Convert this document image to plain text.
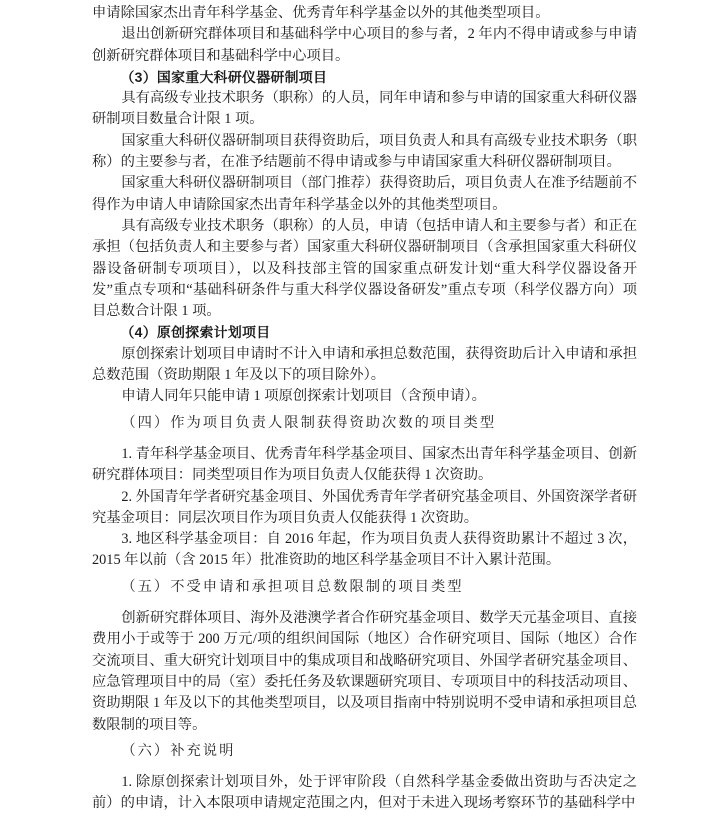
申请除国家杰出青年科学基金、优秀青年科学基金以外的其他类型项目。

退出创新研究群体项目和基础科学中心项目的参与者，2 年内不得申请或参与申请创新研究群体项目和基础科学中心项目。

（3）国家重大科研仪器研制项目

具有高级专业技术职务（职称）的人员，同年申请和参与申请的国家重大科研仪器研制项目数量合计限 1 项。

国家重大科研仪器研制项目获得资助后，项目负责人和具有高级专业技术职务（职称）的主要参与者，在准予结题前不得申请或参与申请国家重大科研仪器研制项目。

国家重大科研仪器研制项目（部门推荐）获得资助后，项目负责人在准予结题前不得作为申请人申请除国家杰出青年科学基金以外的其他类型项目。

具有高级专业技术职务（职称）的人员，申请（包括申请人和主要参与者）和正在承担（包括负责人和主要参与者）国家重大科研仪器研制项目（含承担国家重大科研仪器设备研制专项项目），以及科技部主管的国家重点研发计划“重大科学仪器设备开发”重点专项和“基础科研条件与重大科学仪器设备研发”重点专项（科学仪器方向）项目总数合计限 1 项。

（4）原创探索计划项目

原创探索计划项目申请时不计入申请和承担总数范围，获得资助后计入申请和承担总数范围（资助期限 1 年及以下的项目除外）。

申请人同年只能申请 1 项原创探索计划项目（含预申请）。

（四）作为项目负责人限制获得资助次数的项目类型

1. 青年科学基金项目、优秀青年科学基金项目、国家杰出青年科学基金项目、创新研究群体项目：同类型项目作为项目负责人仅能获得 1 次资助。

2. 外国青年学者研究基金项目、外国优秀青年学者研究基金项目、外国资深学者研究基金项目：同层次项目作为项目负责人仅能获得 1 次资助。

3. 地区科学基金项目：自 2016 年起，作为项目负责人获得资助累计不超过 3 次，2015 年以前（含 2015 年）批准资助的地区科学基金项目不计入累计范围。

（五）不受申请和承担项目总数限制的项目类型

创新研究群体项目、海外及港澳学者合作研究基金项目、数学天元基金项目、直接费用小于或等于 200 万元/项的组织间国际（地区）合作研究项目、国际（地区）合作交流项目、重大研究计划项目中的集成项目和战略研究项目、外国学者研究基金项目、应急管理项目中的局（室）委托任务及软课题研究项目、专项项目中的科技活动项目、资助期限 1 年及以下的其他类型项目，以及项目指南中特别说明不受申请和承担项目总数限制的项目等。

（六）补充说明

1. 除原创探索计划项目外，处于评审阶段（自然科学基金委做出资助与否决定之前）的申请，计入本限项申请规定范围之内，但对于未进入现场考察环节的基础科学中
